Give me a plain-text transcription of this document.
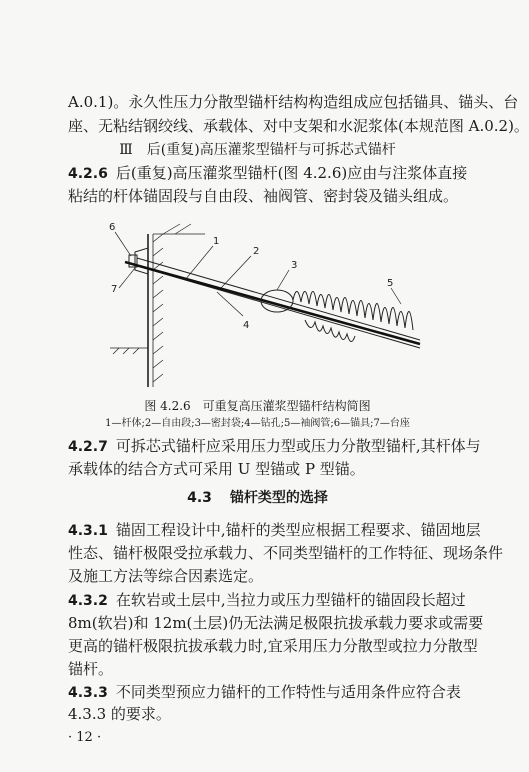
A.0.1)。永久性压力分散型锚杆结构构造组成应包括锚具、锚头、台
座、无粘结钢绞线、承载体、对中支架和水泥浆体(本规范图 A.0.2)。
Ⅲ　后(重复)高压灌浆型锚杆与可拆芯式锚杆
4.2.6 后(重复)高压灌浆型锚杆(图 4.2.6)应由与注浆体直接
粘结的杆体锚固段与自由段、袖阀管、密封袋及锚头组成。
6
7
1
2
3
4
5
图 4.2.6　可重复高压灌浆型锚杆结构简图
1—杆体;2—自由段;3—密封袋;4—钻孔;5—袖阀管;6—锚具;7—台座
4.2.7 可拆芯式锚杆应采用压力型或压力分散型锚杆,其杆体与
承载体的结合方式可采用 U 型锚或 P 型锚。
4.3 锚杆类型的选择
4.3.1 锚固工程设计中,锚杆的类型应根据工程要求、锚固地层
性态、锚杆极限受拉承载力、不同类型锚杆的工作特征、现场条件
及施工方法等综合因素选定。
4.3.2 在软岩或土层中,当拉力或压力型锚杆的锚固段长超过
8m(软岩)和 12m(土层)仍无法满足极限抗拔承载力要求或需要
更高的锚杆极限抗拔承载力时,宜采用压力分散型或拉力分散型
锚杆。
4.3.3 不同类型预应力锚杆的工作特性与适用条件应符合表
4.3.3 的要求。
· 12 ·
